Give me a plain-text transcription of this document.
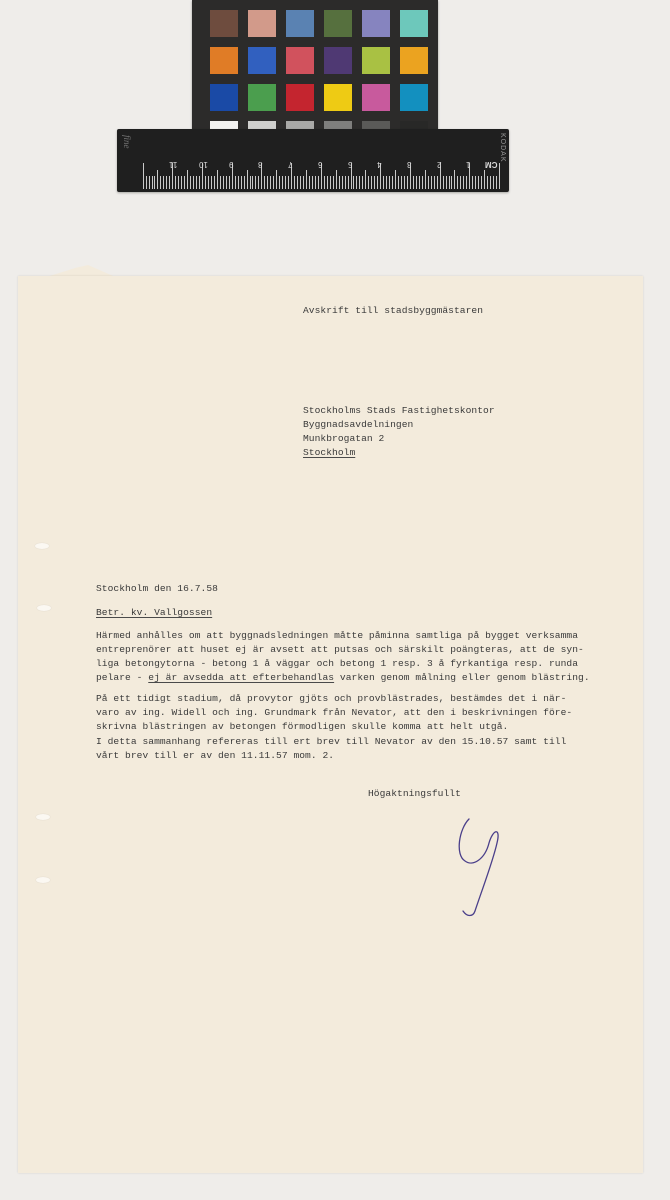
fine	KODAK
CM
1
2
3
4
5
6
7
8
9
10
11
Avskrift till stadsbyggmästaren
Stockholms Stads Fastighetskontor
Byggnadsavdelningen
Munkbrogatan 2
Stockholm
Stockholm den 16.7.58
Betr. kv. Vallgossen
Härmed anhålles om att byggnadsledningen måtte påminna samtliga på bygget verksamma
entreprenörer att huset ej är avsett att putsas och särskilt poängteras, att de syn-
liga betongytorna - betong 1 å väggar och betong 1 resp. 3 å fyrkantiga resp. runda
pelare - ej är avsedda att efterbehandlas varken genom målning eller genom blästring.
På ett tidigt stadium, då provytor gjöts och provblästrades, bestämdes det i när-
varo av ing. Widell och ing. Grundmark från Nevator, att den i beskrivningen före-
skrivna blästringen av betongen förmodligen skulle komma att helt utgå.
I detta sammanhang refereras till ert brev till Nevator av den 15.10.57 samt till
vårt brev till er av den 11.11.57 mom. 2.
Högaktningsfullt
